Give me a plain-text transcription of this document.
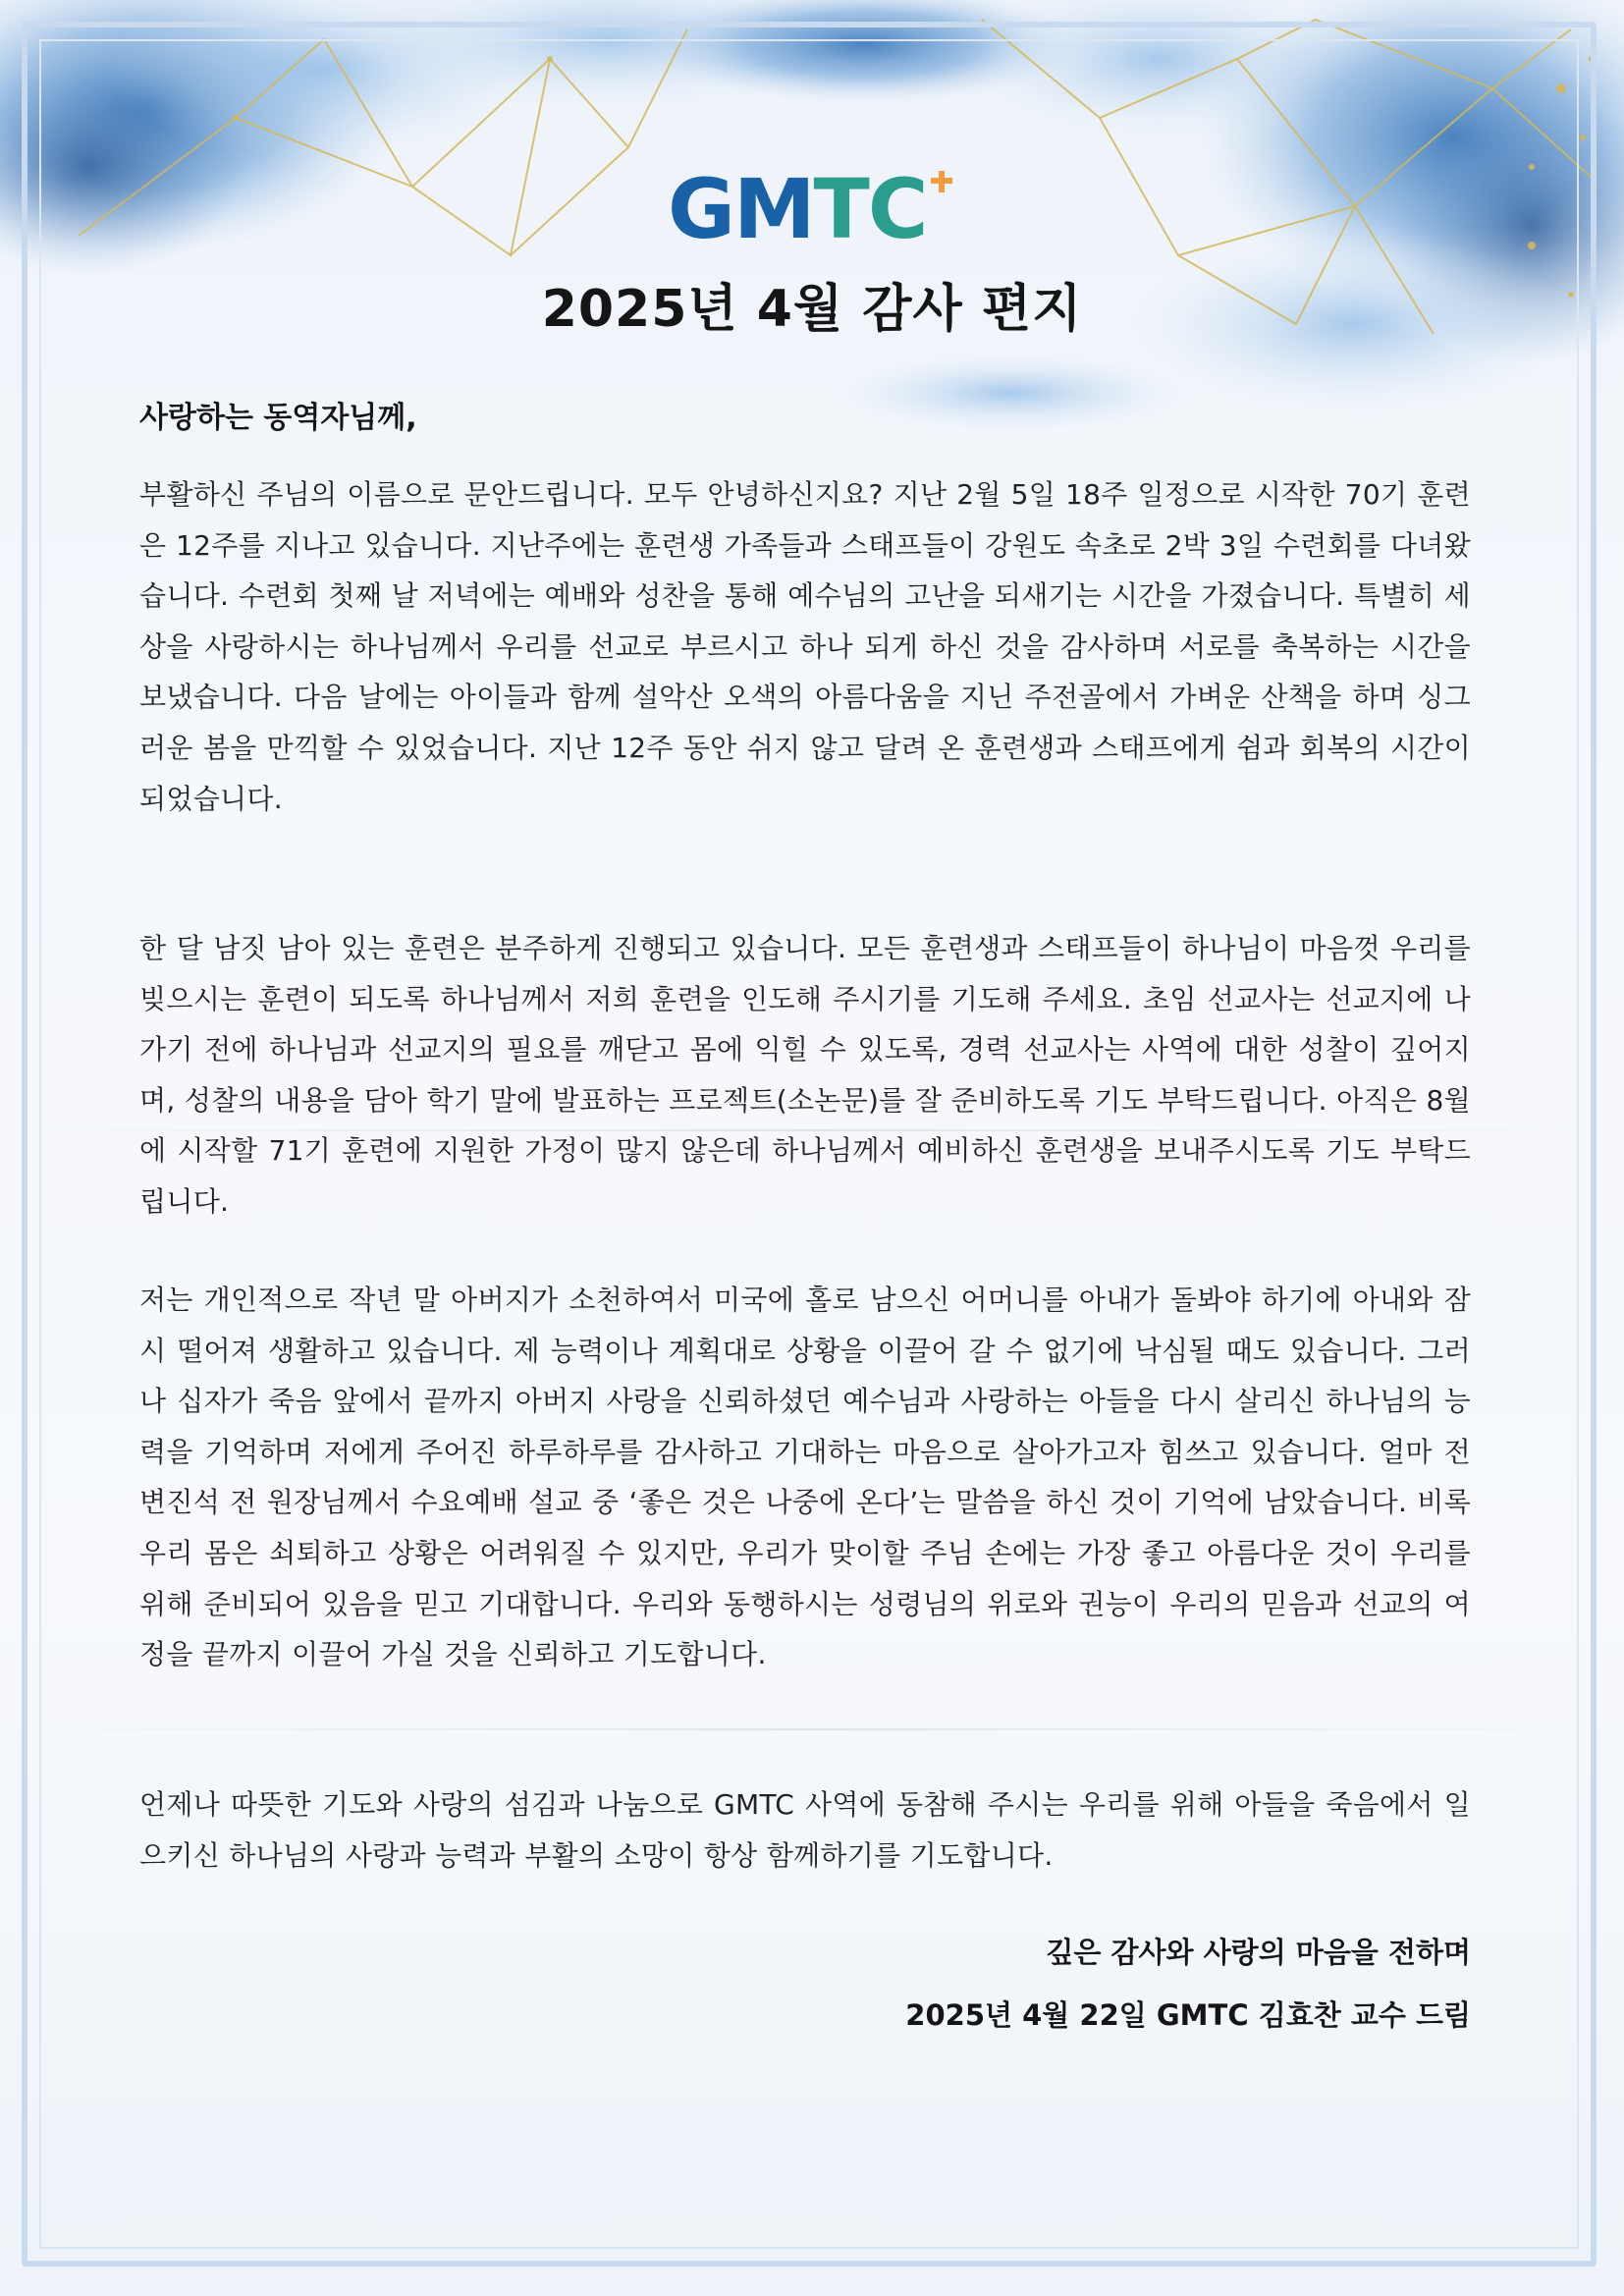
GMTC
2025년 4월 감사 편지
사랑하는 동역자님께,
부활하신 주님의 이름으로 문안드립니다. 모두 안녕하신지요? 지난 2월 5일 18주 일정으로 시작한 70기 훈련은 12주를 지나고 있습니다. 지난주에는 훈련생 가족들과 스태프들이 강원도 속초로 2박 3일 수련회를 다녀왔습니다. 수련회 첫째 날 저녁에는 예배와 성찬을 통해 예수님의 고난을 되새기는 시간을 가졌습니다. 특별히 세상을 사랑하시는 하나님께서 우리를 선교로 부르시고 하나 되게 하신 것을 감사하며 서로를 축복하는 시간을 보냈습니다. 다음 날에는 아이들과 함께 설악산 오색의 아름다움을 지닌 주전골에서 가벼운 산책을 하며 싱그러운 봄을 만끽할 수 있었습니다. 지난 12주 동안 쉬지 않고 달려 온 훈련생과 스태프에게 쉼과 회복의 시간이 되었습니다.
한 달 남짓 남아 있는 훈련은 분주하게 진행되고 있습니다. 모든 훈련생과 스태프들이 하나님이 마음껏 우리를 빚으시는 훈련이 되도록 하나님께서 저희 훈련을 인도해 주시기를 기도해 주세요. 초임 선교사는 선교지에 나가기 전에 하나님과 선교지의 필요를 깨닫고 몸에 익힐 수 있도록, 경력 선교사는 사역에 대한 성찰이 깊어지며, 성찰의 내용을 담아 학기 말에 발표하는 프로젝트(소논문)를 잘 준비하도록 기도 부탁드립니다. 아직은 8월에 시작할 71기 훈련에 지원한 가정이 많지 않은데 하나님께서 예비하신 훈련생을 보내주시도록 기도 부탁드립니다.
저는 개인적으로 작년 말 아버지가 소천하여서 미국에 홀로 남으신 어머니를 아내가 돌봐야 하기에 아내와 잠시 떨어져 생활하고 있습니다. 제 능력이나 계획대로 상황을 이끌어 갈 수 없기에 낙심될 때도 있습니다. 그러나 십자가 죽음 앞에서 끝까지 아버지 사랑을 신뢰하셨던 예수님과 사랑하는 아들을 다시 살리신 하나님의 능력을 기억하며 저에게 주어진 하루하루를 감사하고 기대하는 마음으로 살아가고자 힘쓰고 있습니다. 얼마 전 변진석 전 원장님께서 수요예배 설교 중 ‘좋은 것은 나중에 온다’는 말씀을 하신 것이 기억에 남았습니다. 비록 우리 몸은 쇠퇴하고 상황은 어려워질 수 있지만, 우리가 맞이할 주님 손에는 가장 좋고 아름다운 것이 우리를 위해 준비되어 있음을 믿고 기대합니다. 우리와 동행하시는 성령님의 위로와 권능이 우리의 믿음과 선교의 여정을 끝까지 이끌어 가실 것을 신뢰하고 기도합니다.
언제나 따뜻한 기도와 사랑의 섬김과 나눔으로 GMTC 사역에 동참해 주시는 우리를 위해 아들을 죽음에서 일으키신 하나님의 사랑과 능력과 부활의 소망이 항상 함께하기를 기도합니다.
깊은 감사와 사랑의 마음을 전하며
2025년 4월 22일 GMTC 김효찬 교수 드림
